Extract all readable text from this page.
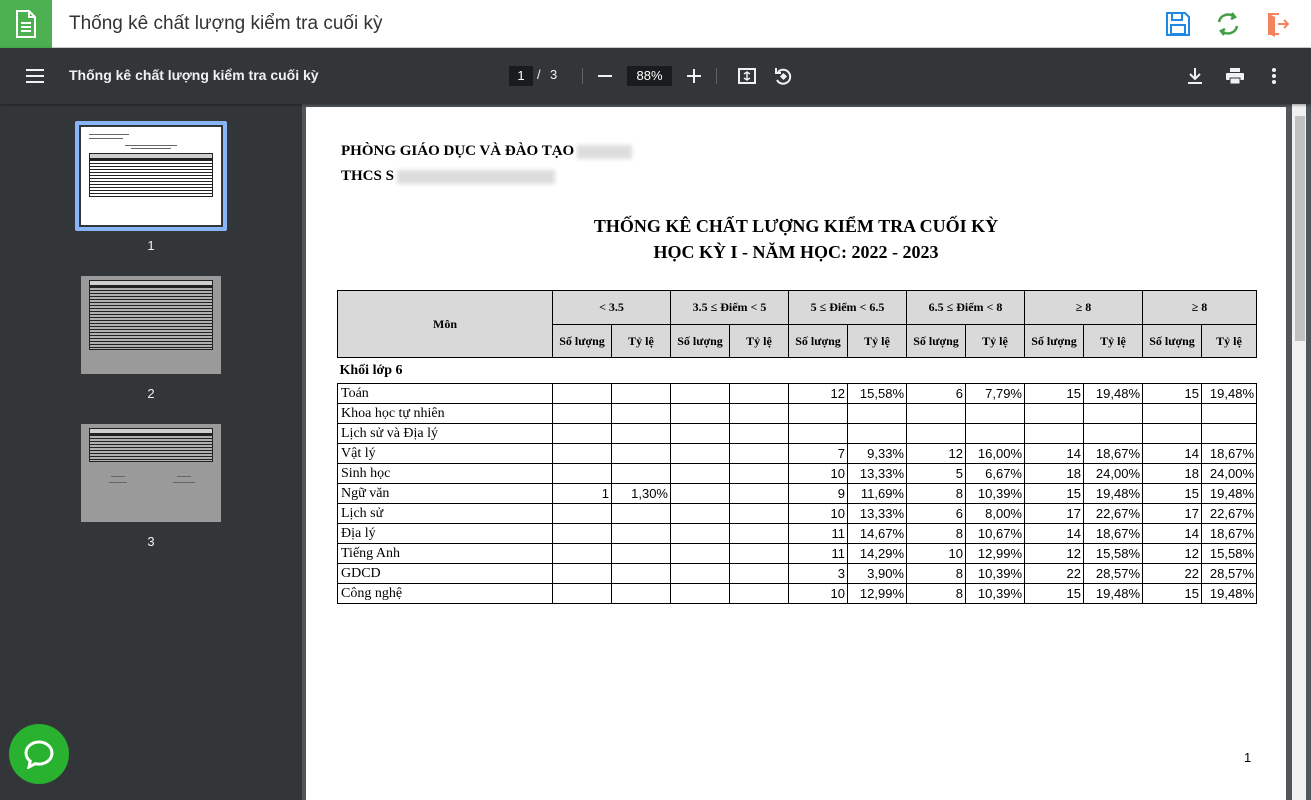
Thống kê chất lượng kiểm tra cuối kỳ
Thống kê chất lượng kiểm tra cuối kỳ	1 / 3	88%
1
2
3
PHÒNG GIÁO DỤC VÀ ĐÀO TẠO
THCS S
THỐNG KÊ CHẤT LƯỢNG KIỂM TRA CUỐI KỲ
HỌC KỲ I - NĂM HỌC: 2022 - 2023
Môn	< 3.5		3.5 ≤ Điểm < 5		5 ≤ Điểm < 6.5		6.5 ≤ Điểm < 8		≥ 8		≥ 8	
	Số lượng	Tỷ lệ	Số lượng	Tỷ lệ	Số lượng	Tỷ lệ	Số lượng	Tỷ lệ	Số lượng	Tỷ lệ	Số lượng	Tỷ lệ
Khối lớp 6												
Toán					12	15,58%	6	7,79%	15	19,48%	15	19,48%
Khoa học tự nhiên												
Lịch sử và Địa lý												
Vật lý					7	9,33%	12	16,00%	14	18,67%	14	18,67%
Sinh học					10	13,33%	5	6,67%	18	24,00%	18	24,00%
Ngữ văn	1	1,30%			9	11,69%	8	10,39%	15	19,48%	15	19,48%
Lịch sử					10	13,33%	6	8,00%	17	22,67%	17	22,67%
Địa lý					11	14,67%	8	10,67%	14	18,67%	14	18,67%
Tiếng Anh					11	14,29%	10	12,99%	12	15,58%	12	15,58%
GDCD					3	3,90%	8	10,39%	22	28,57%	22	28,57%
Công nghệ					10	12,99%	8	10,39%	15	19,48%	15	19,48%
1
